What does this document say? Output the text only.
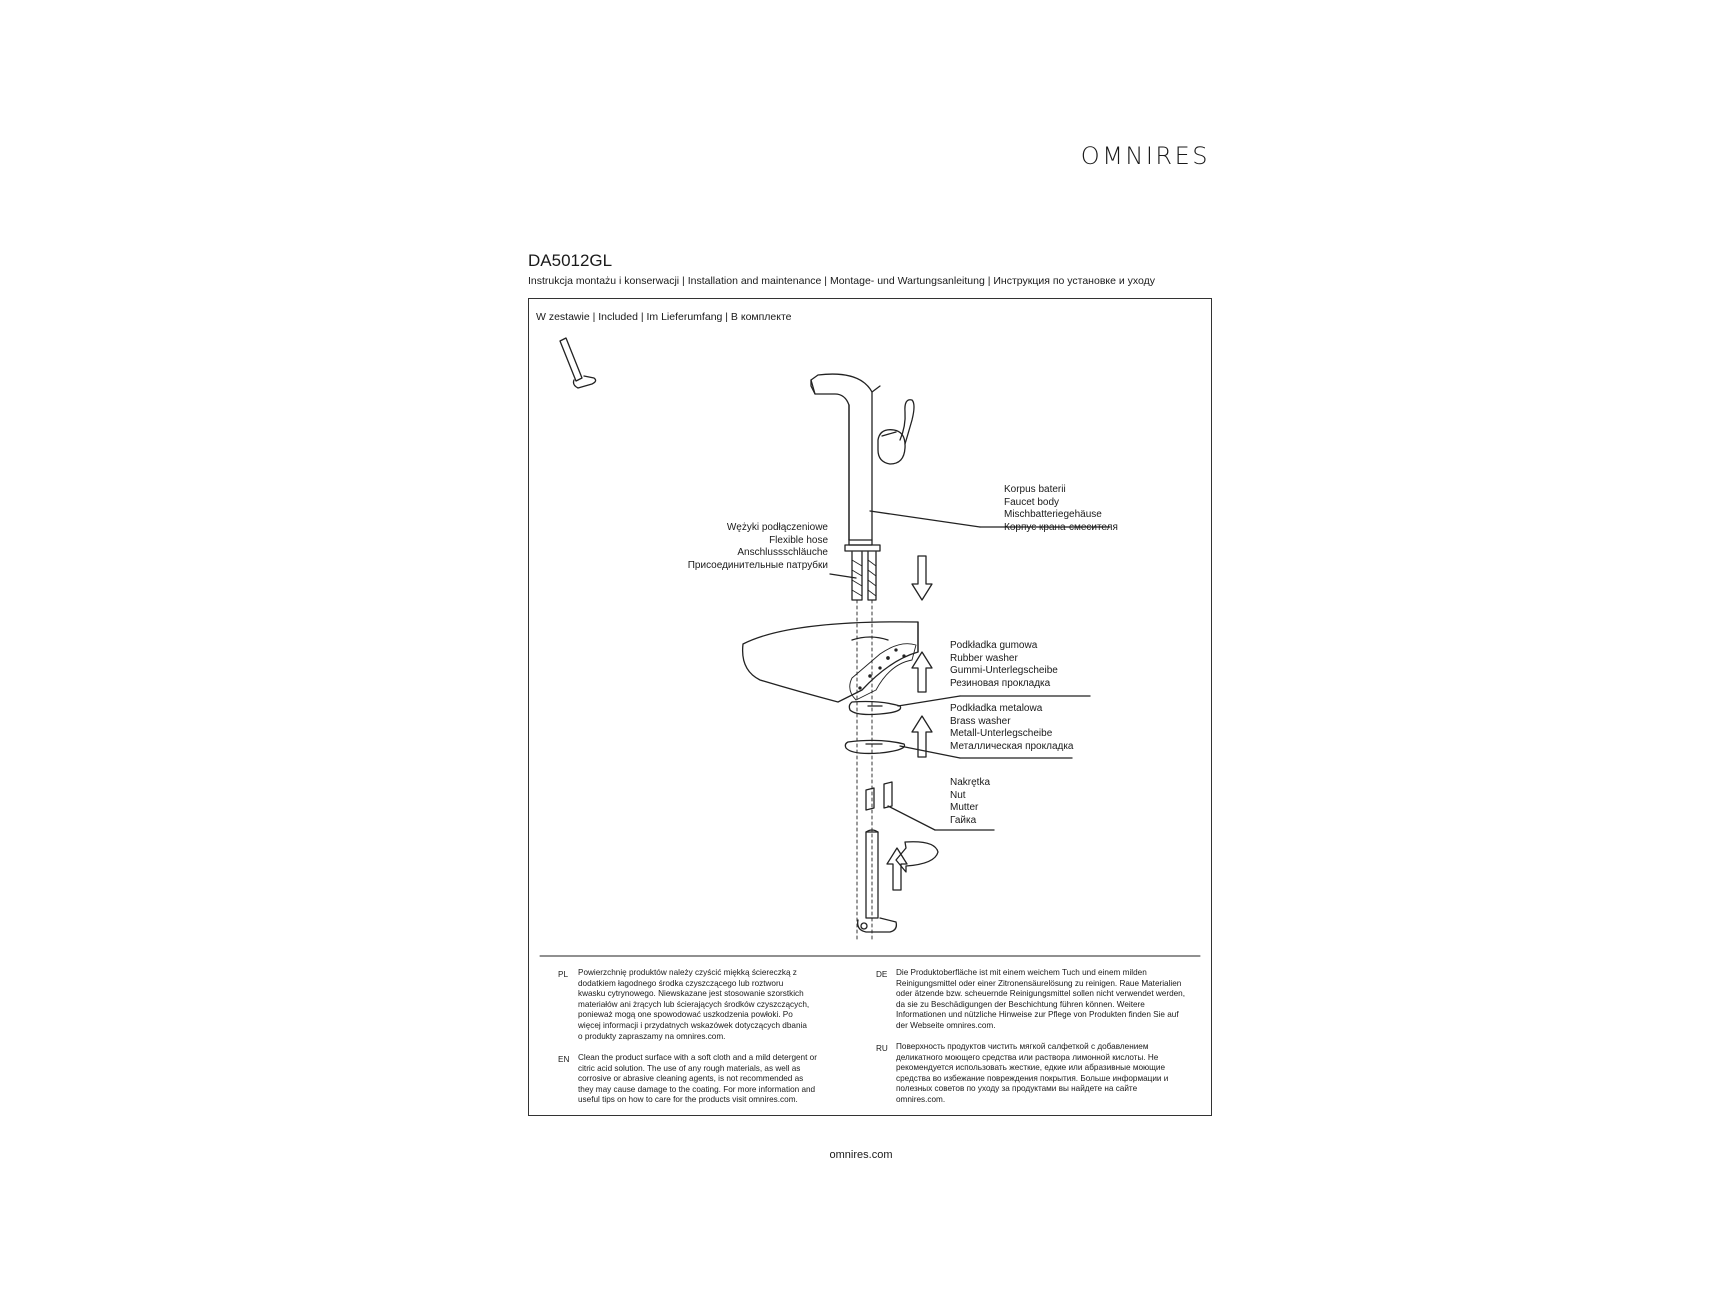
OMNIRES
DA5012GL
Instrukcja montażu i konserwacji | Installation and maintenance | Montage- und Wartungsanleitung | Инструкция по установке и уходу
W zestawie | Included | Im Lieferumfang | В комплекте
Korpus baterii
Faucet body
Mischbatteriegehäuse
Корпус крана-смесителя
Wężyki podłączeniowe
Flexible hose
Anschlussschläuche
Присоединительные патрубки
Podkładka gumowa
Rubber washer
Gummi-Unterlegscheibe
Резиновая прокладка
Podkładka metalowa
Brass washer
Metall-Unterlegscheibe
Металлическая прокладка
Nakrętka
Nut
Mutter
Гайка
PL Powierzchnię produktów należy czyścić miękką ściereczką z dodatkiem łagodnego środka czyszczącego lub roztworu kwasku cytrynowego. Niewskazane jest stosowanie szorstkich materiałów ani żrących lub ścierających środków czyszczących, ponieważ mogą one spowodować uszkodzenia powłoki. Po więcej informacji i przydatnych wskazówek dotyczących dbania o produkty zapraszamy na omnires.com.
EN Clean the product surface with a soft cloth and a mild detergent or citric acid solution. The use of any rough materials, as well as corrosive or abrasive cleaning agents, is not recommended as they may cause damage to the coating. For more information and useful tips on how to care for the products visit omnires.com.
DE Die Produktoberfläche ist mit einem weichem Tuch und einem milden Reinigungsmittel oder einer Zitronensäurelösung zu reinigen. Raue Materialien oder ätzende bzw. scheuernde Reinigungsmittel sollen nicht verwendet werden, da sie zu Beschädigungen der Beschichtung führen können. Weitere Informationen und nützliche Hinweise zur Pflege von Produkten finden Sie auf der Webseite omnires.com.
RU Поверхность продуктов чистить мягкой салфеткой с добавлением деликатного моющего средства или раствора лимонной кислоты. Не рекомендуется использовать жесткие, едкие или абразивные моющие средства во избежание повреждения покрытия. Больше информации и полезных советов по уходу за продуктами вы найдете на сайте omnires.com.
omnires.com
